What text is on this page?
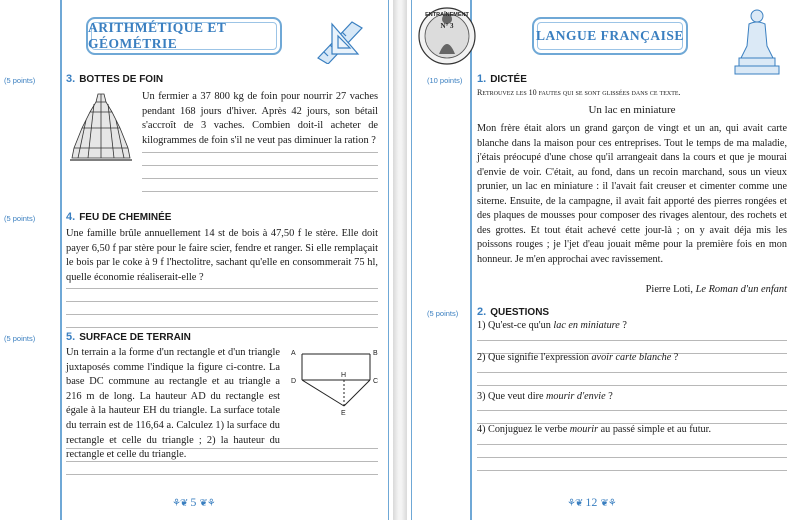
ARITHMÉTIQUE ET GÉOMÉTRIE
(5 points)	3. BOTTES DE FOIN
Un fermier a 37 800 kg de foin pour nourrir 27 vaches pendant 168 jours d'hiver. Après 42 jours, son bétail s'accroît de 3 vaches. Combien doit-il acheter de kilogrammes de foin s'il ne veut pas diminuer la ration ?
(5 points)	4. FEU DE CHEMINÉE
Une famille brûle annuellement 14 st de bois à 47,50 f le stère. Elle doit payer 6,50 f par stère pour le faire scier, fendre et ranger. Si elle remplaçait le bois par le coke à 9 f l'hectolitre, sachant qu'elle en consommerait 75 hl, quelle économie réaliserait-elle ?
(5 points)	5. SURFACE DE TERRAIN
Un terrain a la forme d'un rectangle et d'un triangle juxtaposés comme l'indique la figure ci-contre. La base DC commune au rectangle et au triangle a 216 m de long. La hauteur AD du rectangle est égale à la hauteur EH du triangle. La surface totale du terrain est de 116,64 a. Calculez 1) la surface du rectangle et celle du triangle ; 2) la hauteur du rectangle et celle du triangle.
A	B
D	C
H
E
⚘❦ 5 ❦⚘
ENTRAÎNEMENT
N° 3
LANGUE FRANÇAISE
(10 points) 1. DICTÉE
Retrouvez les 10 fautes qui se sont glissées dans ce texte.
Un lac en miniature
Mon frère était alors un grand garçon de vingt et un an, qui avait carte blanche dans la maison pour ces entreprises. Tout le temps de ma maladie, j'étais préocupé d'une chose qu'il arrangeait dans la cours et que je mourai d'envie de voir. C'était, au fond, dans un recoin marchand, sous un vieux prunier, un lac en miniature : il l'avait fait creuser et cimenter comme une siterne. Ensuite, de la campagne, il avait fait apporté des pierres rongées et des plaques de mousses pour composer des rivages alentour, des rochets et des grottes. Et tout était achevé cette jour-là ; on y avait déja mis les poissons rouges ; je l'jet d'eau jouait même pour la première fois en mon honneur. Je m'en approchai avec ravissement.
Pierre Loti, Le Roman d'un enfant
(5 points) 2. QUESTIONS
1) Qu'est-ce qu'un lac en miniature ?
2) Que signifie l'expression avoir carte blanche ?
3) Que veut dire mourir d'envie ?
4) Conjuguez le verbe mourir au passé simple et au futur.
⚘❦ 12 ❦⚘
